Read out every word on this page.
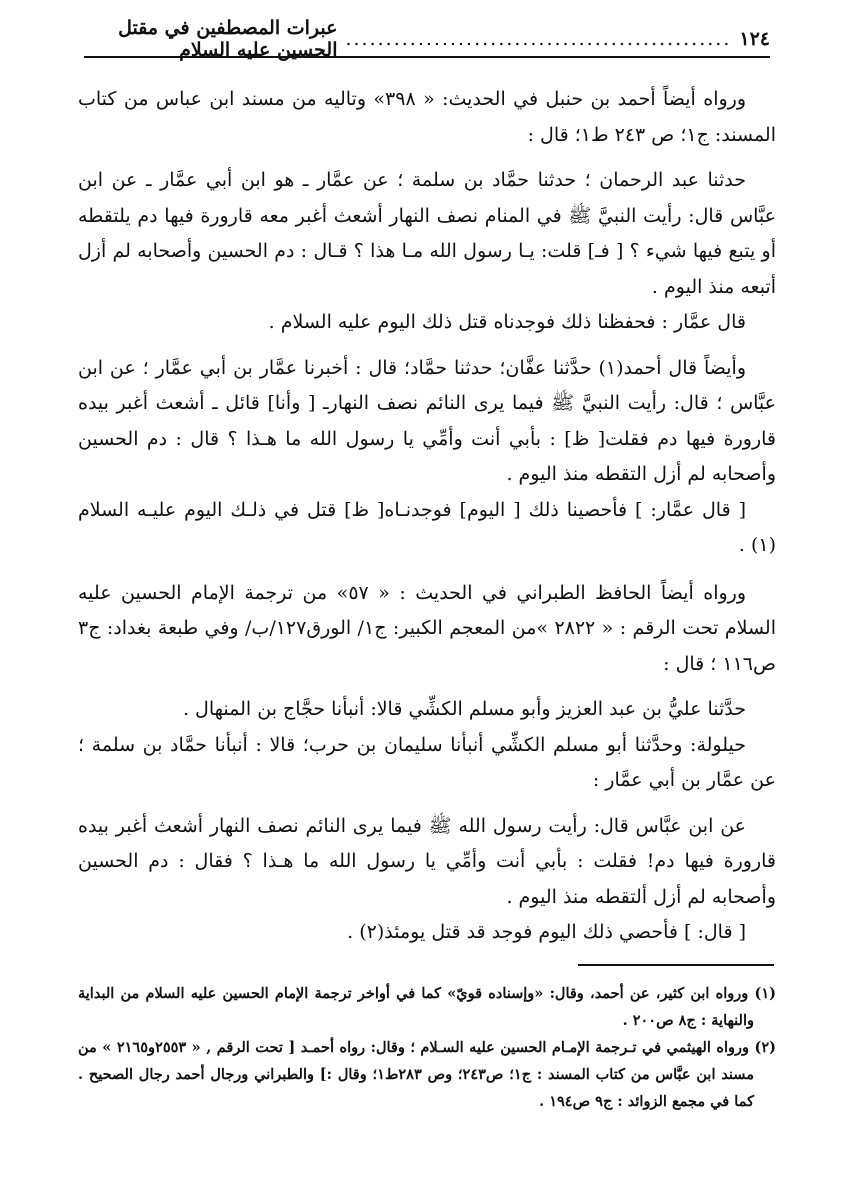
١٢٤
................................................
عبرات المصطفين في مقتل الحسين عليه السلام

ورواه أيضاً أحمد بن حنبل في الحديث: « ٣٩٨» وتاليه من مسند ابن عباس من كتاب المسند: ج١؛ ص ٢٤٣ ط١؛ قال :

حدثنا عبد الرحمان ؛ حدثنا حمَّاد بن سلمة ؛ عن عمَّار ـ هو ابن أبي عمَّار ـ عن ابن عبَّاس قال: رأيت النبيَّ ﷺ في المنام نصف النهار أشعث أغبر معه قارورة فيها دم يلتقطه أو يتبع فيها شيء ؟ [ فـ] قلت: يـا رسول الله مـا هذا ؟ قـال : دم الحسين وأصحابه لم أزل أتبعه منذ اليوم .

قال عمَّار : فحفظنا ذلك فوجدناه قتل ذلك اليوم عليه السلام .

وأيضاً قال أحمد(١) حدَّثنا عفَّان؛ حدثنا حمَّاد؛ قال : أخبرنا عمَّار بن أبي عمَّار ؛ عن ابن عبَّاس ؛ قال: رأيت النبيَّ ﷺ فيما يرى النائم نصف النهارـ [ وأنا] قائل ـ أشعث أغبر بيده قارورة فيها دم فقلت[ ظ] : بأبي أنت وأمِّي يا رسول الله ما هـذا ؟ قال : دم الحسين وأصحابه لم أزل التقطه منذ اليوم .

[ قال عمَّار: ] فأحصينا ذلك [ اليوم] فوجدنـاه[ ظ] قتل في ذلـك اليوم عليـه السلام (١) .

ورواه أيضاً الحافظ الطبراني في الحديث : « ٥٧» من ترجمة الإمام الحسين عليه السلام تحت الرقم : « ٢٨٢٢ »من المعجم الكبير: ج١/ الورق١٢٧/ب/ وفي طبعة بغداد: ج٣ ص١١٦ ؛ قال :

حدَّثنا عليُّ بن عبد العزيز وأبو مسلم الكشِّي قالا: أنبأنا حجَّاج بن المنهال .

حيلولة: وحدَّثنا أبو مسلم الكشِّي أنبأنا سليمان بن حرب؛ قالا : أنبأنا حمَّاد بن سلمة ؛ عن عمَّار بن أبي عمَّار :

عن ابن عبَّاس قال: رأيت رسول الله ﷺ فيما يرى النائم نصف النهار أشعث أغبر بيده قارورة فيها دم! فقلت : بأبي أنت وأمِّي يا رسول الله ما هـذا ؟ فقال : دم الحسين وأصحابه لم أزل ألتقطه منذ اليوم .

[ قال: ] فأحصي ذلك اليوم فوجد قد قتل يومئذ(٢) .

(١) ورواه ابن كثير، عن أحمد، وقال: «وإسناده قويّ» كما في أواخر ترجمة الإمام الحسين عليه السلام من البداية والنهاية : ج٨ ص٢٠٠ .

(٢) ورواه الهيثمي في تـرجمة الإمـام الحسين عليه السـلام ؛ وقال: رواه أحمـد [ تحت الرقم , « ٢٥٥٣و٢١٦٥ » من مسند ابن عبَّاس من كتاب المسند : ج١؛ ص٢٤٣؛ وص ٢٨٣ط١؛ وقال :] والطبراني ورجال أحمد رجال الصحيح . كما في مجمع الزوائد : ج٩ ص١٩٤ .
